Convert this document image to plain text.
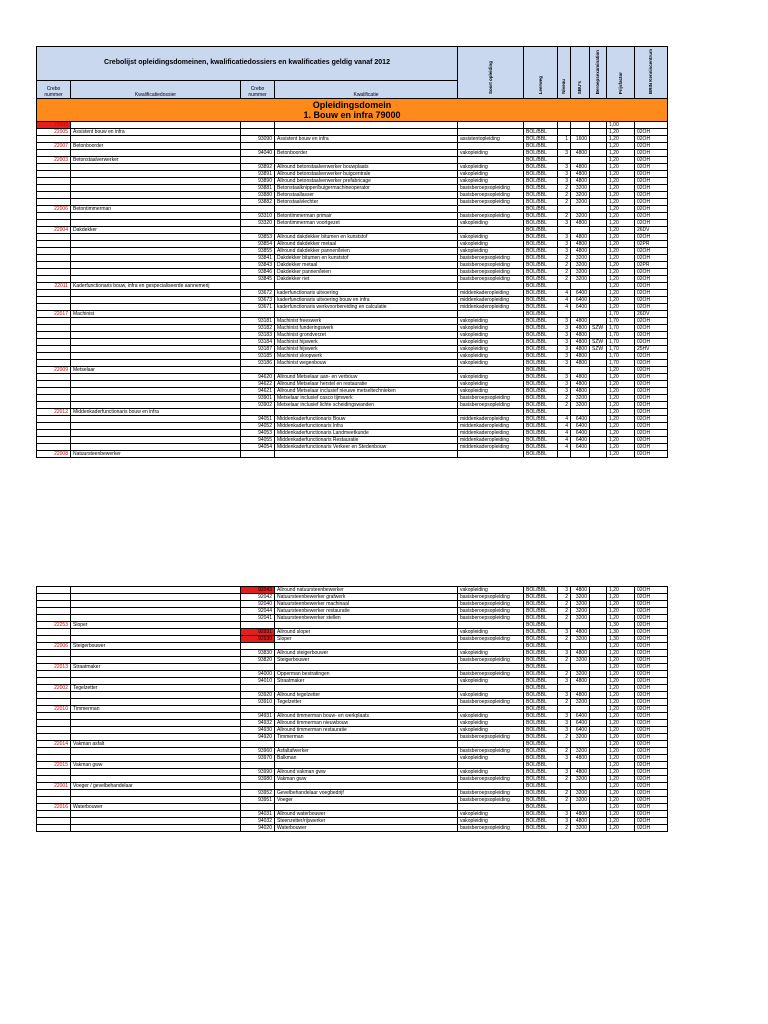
Crebolijst opleidingsdomeinen, kwalificatiedossiers en kwalificaties geldig vanaf 2012				Soort opleiding	Leerweg	Niveau	SBU's	Beroepsexamination	Prijsfactor	BRIN Kenniscentrum
Crebo nummer	Kwalificatiedossier	Crebo nummer	Kwalificatie							

Opleidingsdomein
1. Bouw en infra 79000										

79000									1,00	
22005	Assistent bouw en infra				BOL/BBL				1,20	02OH
		93090	Assistent bouw en infra	assistentopleiding	BOL/BBL	1	1600		1,20	02OH
22007	Betonboorder				BOL/BBL				1,20	02OH
		94040	Betonboorder	vakopleiding	BOL/BBL	3	4800		1,20	02OH
22003	Betonstaalverwerker				BOL/BBL				1,20	02OH
		93892	Allround betonstaalverwerker bouwplaats	vakopleiding	BOL/BBL	3	4800		1,20	02OH
		93891	Allround betonstaalverwerker buigcentrale	vakopleiding	BOL/BBL	3	4800		1,20	02OH
		93890	Allround betonstaalverwerker prefabricage	vakopleiding	BOL/BBL	3	4800		1,20	02OH
		93881	Betonstaalknipper/buigermachineoperator	basisberoepsopleiding	BOL/BBL	2	3200		1,20	02OH
		93880	Betonstaallasser	basisberoepsopleiding	BOL/BBL	2	3200		1,20	02OH
		93882	Betonstaalvlechter	basisberoepsopleiding	BOL/BBL	2	3200		1,20	02OH
22006	Betontimmerman				BOL/BBL				1,20	02OH
		93310	Betontimmerman primair	basisberoepsopleiding	BOL/BBL	2	3200		1,20	02OH
		93320	Betontimmerman voortgezet	vakopleiding	BOL/BBL	3	4800		1,20	02OH
22004	Dakdekker				BOL/BBL				1,20	26DV
		93853	Allround dakdekker bitumen en kunststof	vakopleiding	BOL/BBL	3	4800		1,20	02OH
		93854	Allround dakdekker metaal	vakopleiding	BOL/BBL	3	4800		1,20	02PR
		93855	Allround dakdekker pannen/leien	vakopleiding	BOL/BBL	3	4800		1,20	02OH
		93841	Dakdekker bitumen en kunststof	basisberoepsopleiding	BOL/BBL	2	3200		1,20	02OH
		93843	Dakdekker metaal	basisberoepsopleiding	BOL/BBL	2	3200		1,20	02PR
		93846	Dakdekker pannen/leien	basisberoepsopleiding	BOL/BBL	2	3200		1,20	02OH
		93845	Dakdekker riet	basisberoepsopleiding	BOL/BBL	2	3200		1,20	02OH
22011	Kaderfunctionaris bouw, infra en gespecialiseerde aannemerij				BOL/BBL				1,20	02OH
		93672	kaderfunctionaris uitvoering	middenkaderopleiding	BOL/BBL	4	6400		1,20	02OH
		93673	kaderfunctionaris uitvoering bouw en infra	middenkaderopleiding	BOL/BBL	4	6400		1,20	02OH
		93671	kaderfunctionaris werkvoorbereiding en calculatie	middenkaderopleiding	BOL/BBL	4	6400		1,20	02OH
22017	Machinist				BOL/BBL				1,70	26DV
		93181	Machinist freeswerk	vakopleiding	BOL/BBL	3	4800		1,70	02OH
		93182	Machinist funderingswerk	vakopleiding	BOL/BBL	3	4800	SZW	1,70	02OH
		93183	Machinist grondverzet	vakopleiding	BOL/BBL	3	4800		1,70	02OH
		93184	Machinist hijswerk	vakopleiding	BOL/BBL	3	4800	SZW	1,70	02OH
		93187	Machinist hijswerk	vakopleiding	BOL/BBL	3	4800	SZW	1,70	25HV
		93185	Machinist sloopwerk	vakopleiding	BOL/BBL	3	4800		1,70	02OH
		93186	Machinist wegenbouw	vakopleiding	BOL/BBL	3	4800		1,70	02OH
22009	Metselaar				BOL/BBL				1,20	02OH
		94620	Allround Metselaar aan- en verbouw	vakopleiding	BOL/BBL	3	4800		1,20	02OH
		94622	Allround Metselaar herstel en restauratie	vakopleiding	BOL/BBL	3	4800		1,20	02OH
		94621	Allround Metselaar inclusief nieuwe metseltechnieken	vakopleiding	BOL/BBL	3	4800		1,20	02OH
		93901	Metselaar inclusief casco tijmwerk	basisberoepsopleiding	BOL/BBL	2	3200		1,20	02OH
		93902	Metselaar inclusief lichte scheidingswanden	basisberoepsopleiding	BOL/BBL	2	3200		1,20	02OH
22012	Middenkaderfunctionaris bouw en infra				BOL/BBL				1,20	02OH
		94051	Middenkaderfunctionaris Bouw	middenkaderopleiding	BOL/BBL	4	6400		1,20	02OH
		94052	Middenkaderfunctionaris Infra	middenkaderopleiding	BOL/BBL	4	6400		1,20	02OH
		94053	Middenkaderfunctionaris Landmeetkunde	middenkaderopleiding	BOL/BBL	4	6400		1,20	02OH
		94055	Middenkaderfunctionaris Restauratie	middenkaderopleiding	BOL/BBL	4	6400		1,20	02OH
		94054	Middenkaderfunctionaris Verkeer en Stedenbouw	middenkaderopleiding	BOL/BBL	4	6400		1,20	02OH
22008	Natuursteenbewerker				BOL/BBL				1,20	02OH
		92043	Allround natuursteenbewerker	vakopleiding	BOL/BBL	3	4800		1,20	02OH
		92042	Natuursteenbewerker grafwerk	basisberoepsopleiding	BOL/BBL	2	3200		1,20	02OH
		92040	Natuursteenbewerker machinaal	basisberoepsopleiding	BOL/BBL	2	3200		1,20	02OH
		92044	Natuursteenbewerker restauratie	basisberoepsopleiding	BOL/BBL	2	3200		1,20	02OH
		92041	Natuursteenbewerker stellen	basisberoepsopleiding	BOL/BBL	2	3200		1,20	02OH
22253	Sloper				BOL/BBL				1,30	02OH
		92931	Allround sloper	vakopleiding	BOL/BBL	3	4800		1,30	02OH
		92930	Sloper	basisberoepsopleiding	BOL/BBL	2	3200		1,30	02OH
22006	Steigerbouwer				BOL/BBL				1,20	02OH
		93830	Allround steigerbouwer	vakopleiding	BOL/BBL	3	4800		1,20	02OH
		93820	Steigerbouwer	basisberoepsopleiding	BOL/BBL	2	3200		1,20	02OH
22013	Straatmaker				BOL/BBL				1,20	02OH
		94000	Opperman bestratingen	basisberoepsopleiding	BOL/BBL	2	3200		1,20	02OH
		94010	Straatmaker	vakopleiding	BOL/BBL	3	4800		1,20	02OH
22002	Tegelzetter				BOL/BBL				1,20	02OH
		93920	Allround tegelzetter	vakopleiding	BOL/BBL	3	4800		1,20	02OH
		93910	Tegelzetter	basisberoepsopleiding	BOL/BBL	2	3200		1,20	02OH
22010	Timmerman				BOL/BBL				1,20	02OH
		94931	Allround timmerman bouw- en werkplaats	vakopleiding	BOL/BBL	3	6400		1,20	02OH
		94932	Allround timmerman nieuwbouw	vakopleiding	BOL/BBL	3	6400		1,20	02OH
		94930	Allround timmerman restauratie	vakopleiding	BOL/BBL	3	6400		1,20	02OH
		94920	Timmerman	basisberoepsopleiding	BOL/BBL	2	3200		1,20	02OH
22014	Vakman asfalt				BOL/BBL				1,20	02OH
		93960	Asfaltafwerker	basisberoepsopleiding	BOL/BBL	2	3200		1,20	02OH
		93970	Balkman	vakopleiding	BOL/BBL	3	4800		1,20	02OH
22015	Vakman gww				BOL/BBL				1,20	02OH
		93990	Allround vakman gww	vakopleiding	BOL/BBL	3	4800		1,20	02OH
		93980	Vakman gww	basisberoepsopleiding	BOL/BBL	2	3200		1,20	02OH
22001	Voeger / gevelbehandelaar				BOL/BBL				1,20	02OH
		93952	Gevelbehandelaar voegbedrijf	basisberoepsopleiding	BOL/BBL	2	3200		1,20	02OH
		93951	Voeger	basisberoepsopleiding	BOL/BBL	2	3200		1,20	02OH
22016	Waterbouwer				BOL/BBL				1,20	02OH
		94031	Allround waterbouwer	vakopleiding	BOL/BBL	3	4800		1,20	02OH
		94032	Steenzetter/rijswerker	vakopleiding	BOL/BBL	3	4800		1,20	02OH
		94020	Waterbouwer	basisberoepsopleiding	BOL/BBL	2	3200		1,20	02OH
